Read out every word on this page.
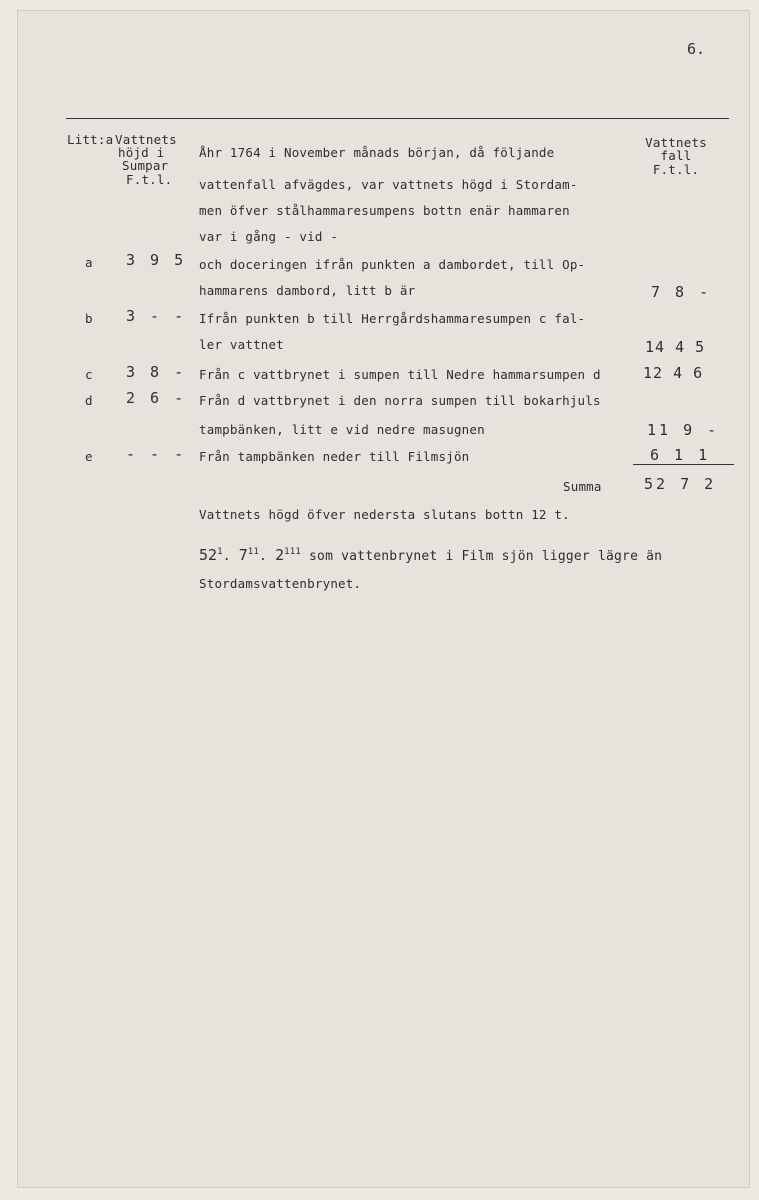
6.
Litt:a Vattnets
höjd i
Sumpar
F.t.l.
Vattnets
fall
F.t.l.
Åhr 1764 i November månads början, då följande
vattenfall afvägdes, var vattnets högd i Stordam-
men öfver stålhammaresumpens bottn enär hammaren
var i gång - vid -
a 3 9 5 och doceringen ifrån punkten a dambordet, till Op-
hammarens dambord, litt b är	7 8 -
b 3 - - Ifrån punkten b till Herrgårdshammaresumpen c fal-
ler vattnet	14 4 5
c 3 8 - Från c vattbrynet i sumpen till Nedre hammarsumpen d	12 4 6
d 2 6 - Från d vattbrynet i den norra sumpen till bokarhjuls
tampbänken, litt e vid nedre masugnen	11 9 -
e - - - Från tampbänken neder till Filmsjön	6 1 1
Summa	52 7 2
Vattnets högd öfver nedersta slutans bottn 12 t.
$52^1$. $7^{11}$. $2^{111}$ som vattenbrynet i Film sjön ligger lägre än
Stordamsvattenbrynet.
